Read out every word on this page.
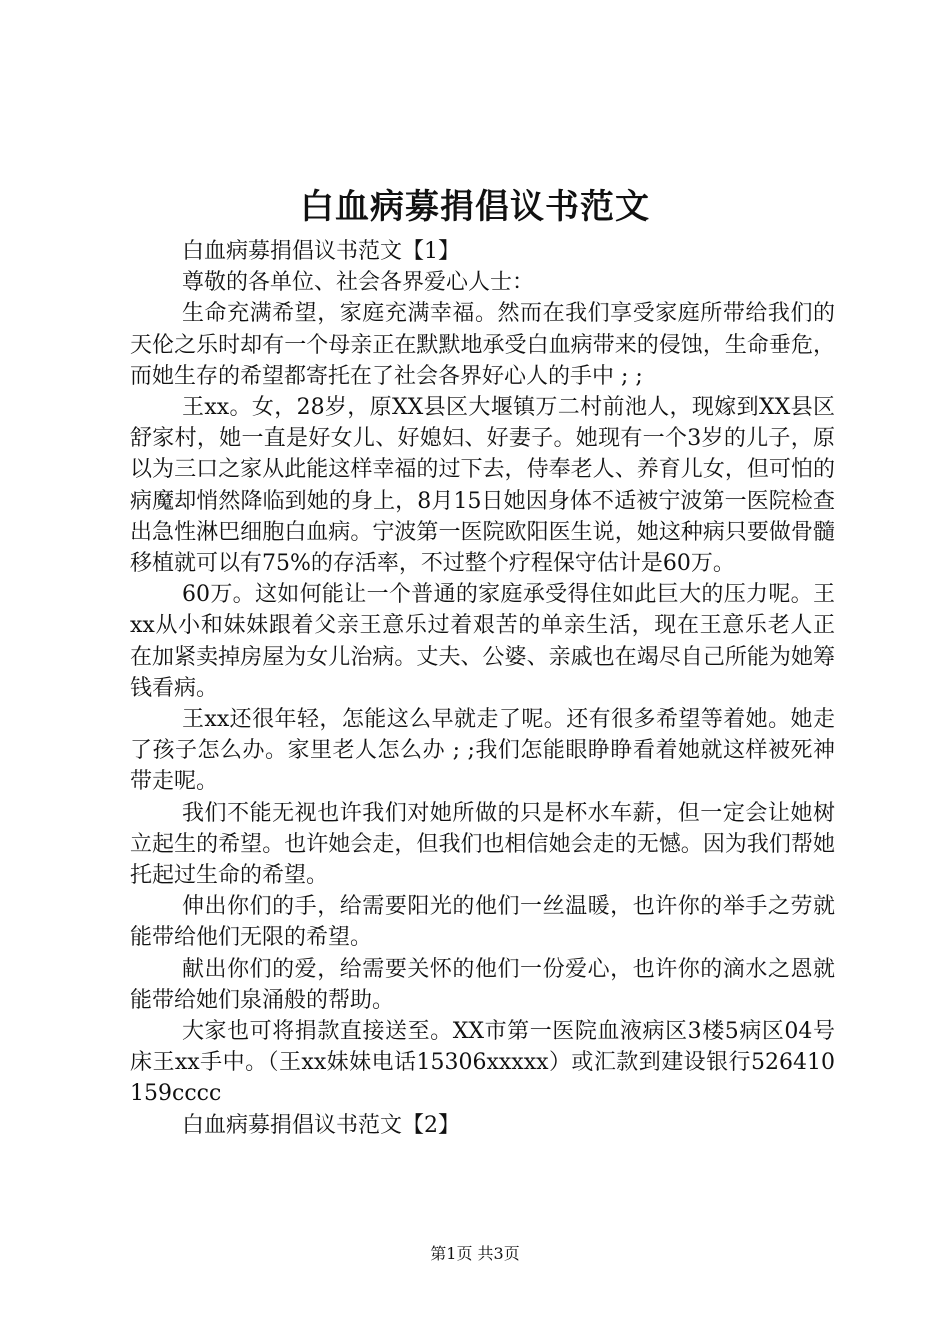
白血病募捐倡议书范文

白血病募捐倡议书范文【1】

尊敬的各单位、社会各界爱心人士：

生命充满希望，家庭充满幸福。然而在我们享受家庭所带给我们的天伦之乐时却有一个母亲正在默默地承受白血病带来的侵蚀，生命垂危，而她生存的希望都寄托在了社会各界好心人的手中 ; ;

王xx。女，28岁，原XX县区大堰镇万二村前池人，现嫁到XX县区舒家村，她一直是好女儿、好媳妇、好妻子。她现有一个3岁的儿子，原以为三口之家从此能这样幸福的过下去，侍奉老人、养育儿女，但可怕的病魔却悄然降临到她的身上，8月15日她因身体不适被宁波第一医院检查出急性淋巴细胞白血病。宁波第一医院欧阳医生说，她这种病只要做骨髓移植就可以有75%的存活率，不过整个疗程保守估计是60万。

60万。这如何能让一个普通的家庭承受得住如此巨大的压力呢。王xx从小和妹妹跟着父亲王意乐过着艰苦的单亲生活，现在王意乐老人正在加紧卖掉房屋为女儿治病。丈夫、公婆、亲戚也在竭尽自己所能为她筹钱看病。

王xx还很年轻，怎能这么早就走了呢。还有很多希望等着她。她走了孩子怎么办。家里老人怎么办 ; ;我们怎能眼睁睁看着她就这样被死神带走呢。

我们不能无视也许我们对她所做的只是杯水车薪，但一定会让她树立起生的希望。也许她会走，但我们也相信她会走的无憾。因为我们帮她托起过生命的希望。

伸出你们的手，给需要阳光的他们一丝温暖，也许你的举手之劳就能带给他们无限的希望。

献出你们的爱，给需要关怀的他们一份爱心，也许你的滴水之恩就能带给她们泉涌般的帮助。

大家也可将捐款直接送至。XX市第一医院血液病区3楼5病区04号床王xx手中。（王xx妹妹电话15306xxxxx）或汇款到建设银行526410159cccc

白血病募捐倡议书范文【2】

第1页 共3页
